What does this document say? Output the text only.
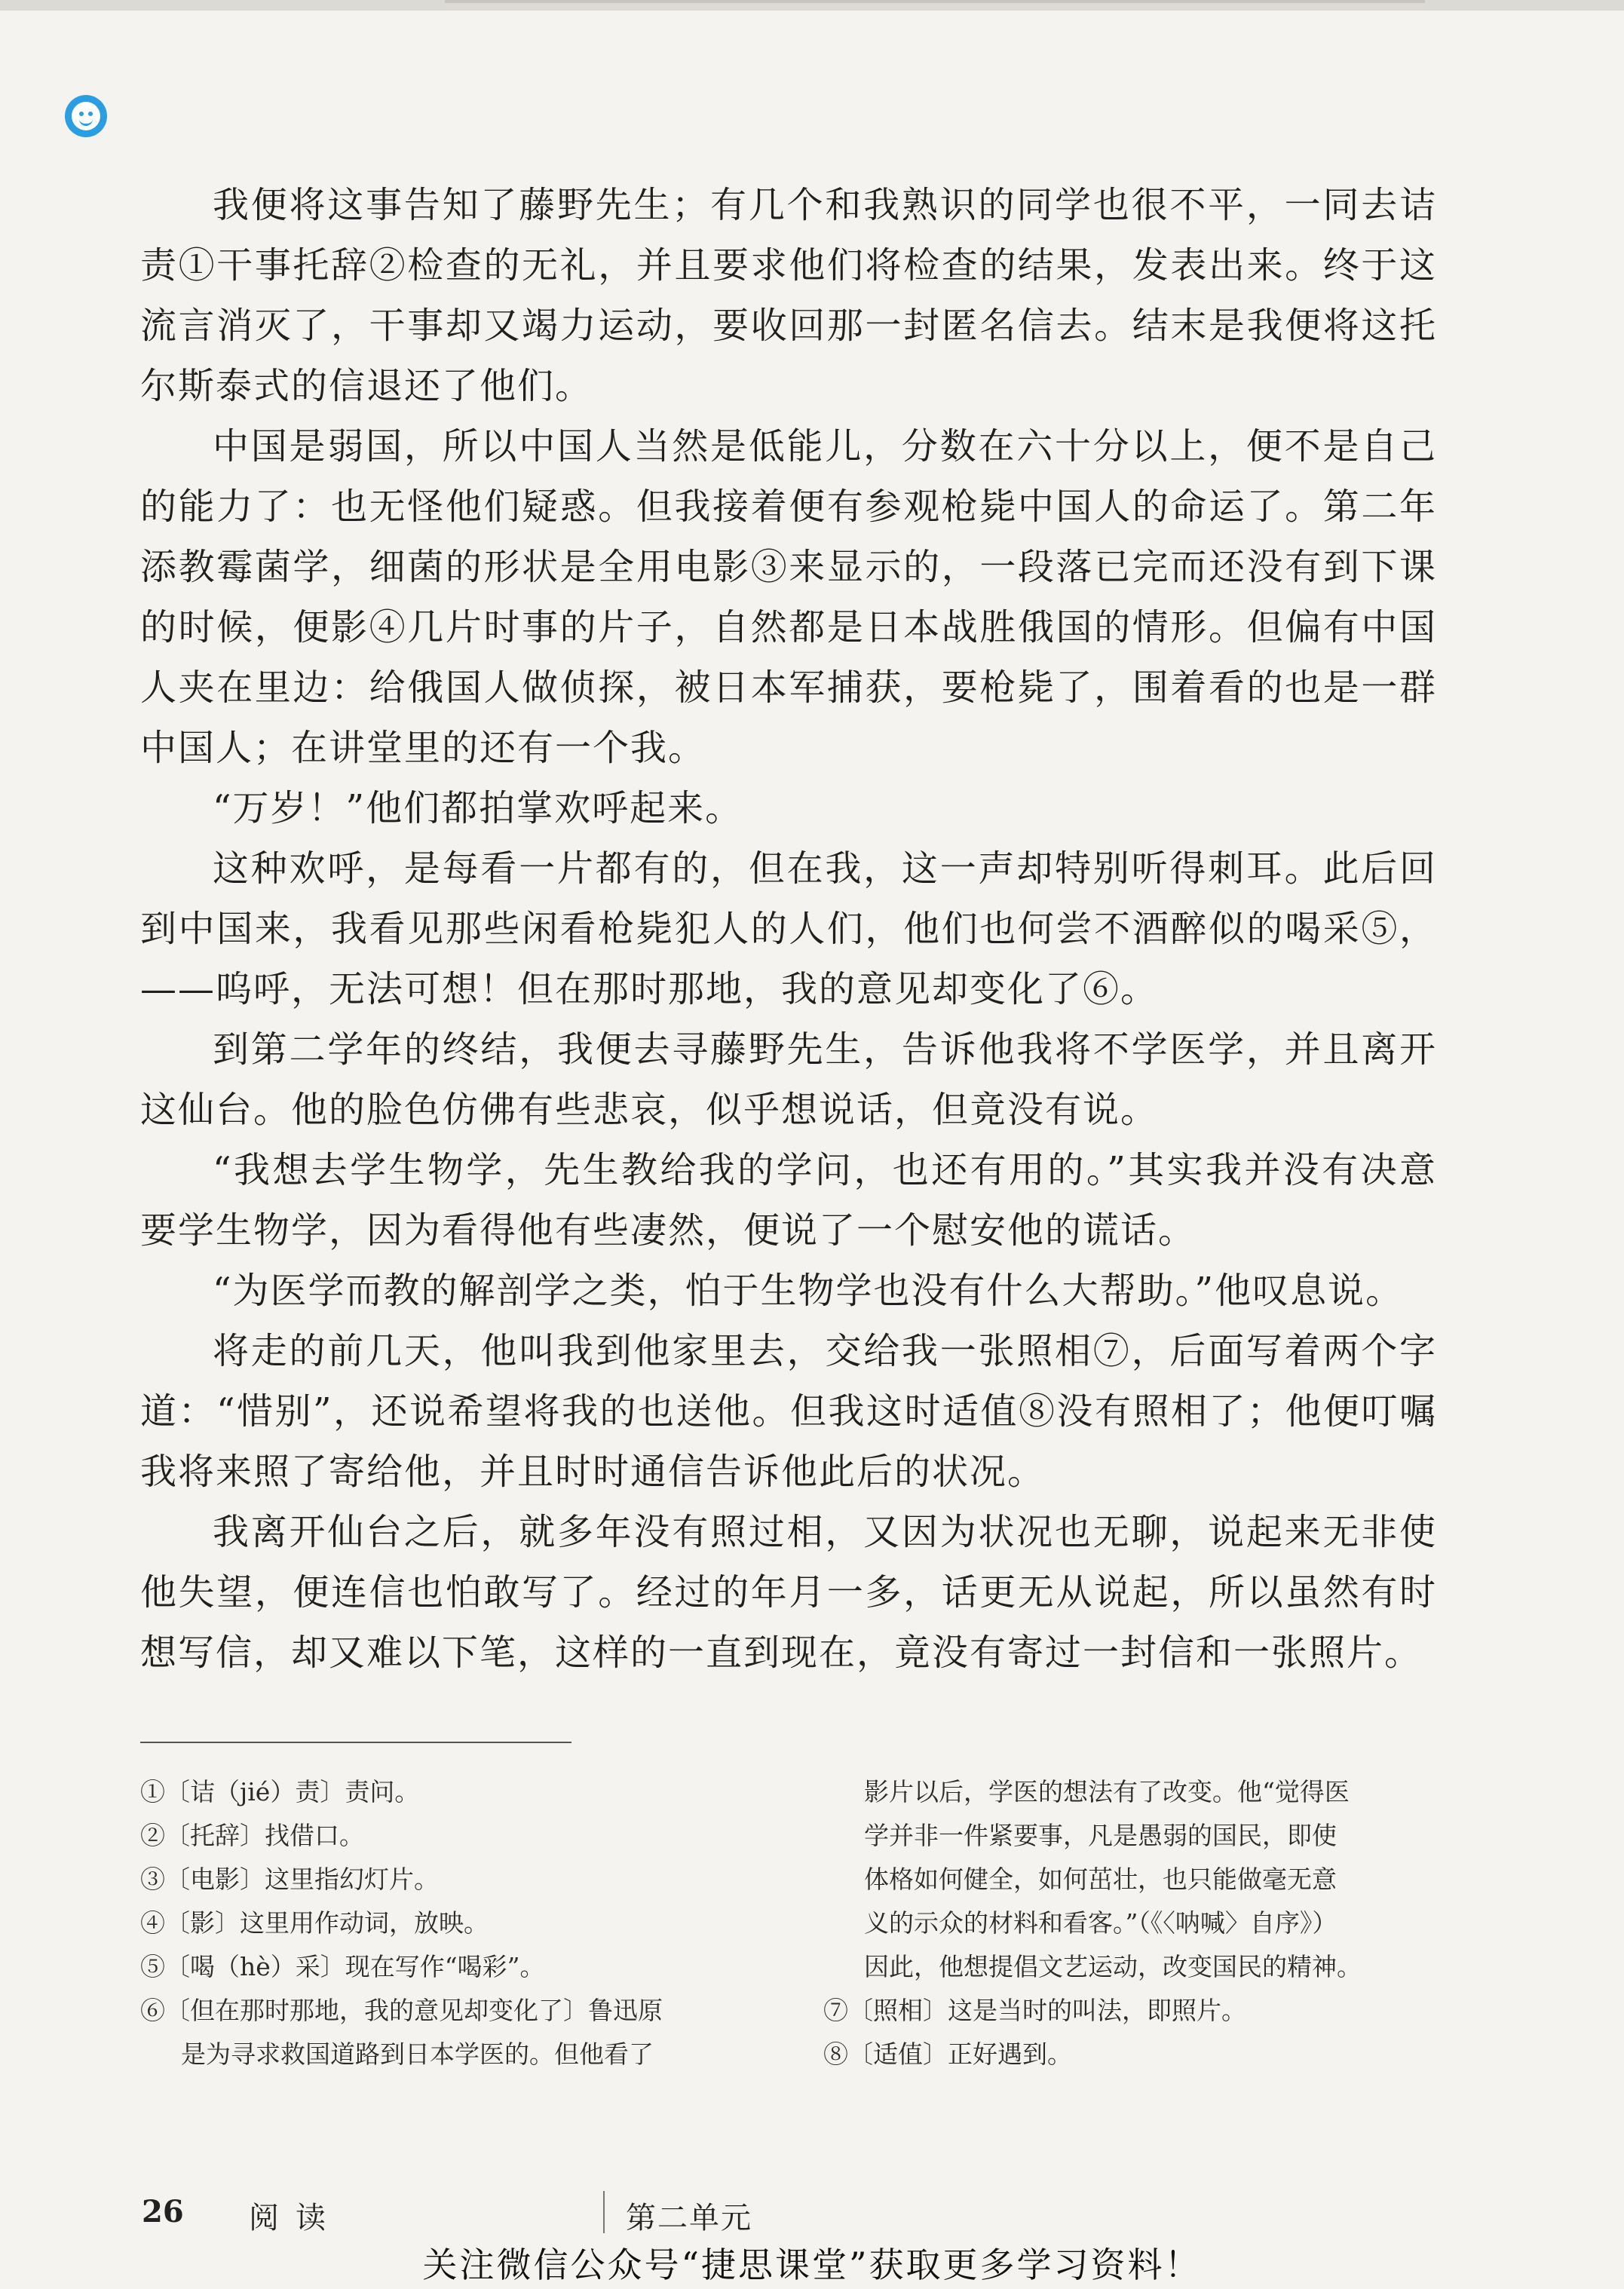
我便将这事告知了藤野先生；有几个和我熟识的同学也很不平，一同去诘责①干事托辞②检查的无礼，并且要求他们将检查的结果，发表出来。终于这流言消灭了，干事却又竭力运动，要收回那一封匿名信去。结末是我便将这托尔斯泰式的信退还了他们。

中国是弱国，所以中国人当然是低能儿，分数在六十分以上，便不是自己的能力了：也无怪他们疑惑。但我接着便有参观枪毙中国人的命运了。第二年添教霉菌学，细菌的形状是全用电影③来显示的，一段落已完而还没有到下课的时候，便影④几片时事的片子，自然都是日本战胜俄国的情形。但偏有中国人夹在里边：给俄国人做侦探，被日本军捕获，要枪毙了，围着看的也是一群中国人；在讲堂里的还有一个我。

“万岁！”他们都拍掌欢呼起来。

这种欢呼，是每看一片都有的，但在我，这一声却特别听得刺耳。此后回到中国来，我看见那些闲看枪毙犯人的人们，他们也何尝不酒醉似的喝采⑤，——呜呼，无法可想！但在那时那地，我的意见却变化了⑥。

到第二学年的终结，我便去寻藤野先生，告诉他我将不学医学，并且离开这仙台。他的脸色仿佛有些悲哀，似乎想说话，但竟没有说。

“我想去学生物学，先生教给我的学问，也还有用的。”其实我并没有决意要学生物学，因为看得他有些凄然，便说了一个慰安他的谎话。

“为医学而教的解剖学之类，怕于生物学也没有什么大帮助。”他叹息说。

将走的前几天，他叫我到他家里去，交给我一张照相⑦，后面写着两个字道：“惜别”，还说希望将我的也送他。但我这时适值⑧没有照相了；他便叮嘱我将来照了寄给他，并且时时通信告诉他此后的状况。

我离开仙台之后，就多年没有照过相，又因为状况也无聊，说起来无非使他失望，便连信也怕敢写了。经过的年月一多，话更无从说起，所以虽然有时想写信，却又难以下笔，这样的一直到现在，竟没有寄过一封信和一张照片。

①〔诘（jié）责〕责问。

②〔托辞〕找借口。

③〔电影〕这里指幻灯片。

④〔影〕这里用作动词，放映。

⑤〔喝（hè）采〕现在写作“喝彩”。

⑥〔但在那时那地，我的意见却变化了〕鲁迅原

是为寻求救国道路到日本学医的。但他看了

影片以后，学医的想法有了改变。他“觉得医

学并非一件紧要事，凡是愚弱的国民，即使

体格如何健全，如何茁壮，也只能做毫无意

义的示众的材料和看客。”（《〈呐喊〉自序》）

因此，他想提倡文艺运动，改变国民的精神。

⑦〔照相〕这是当时的叫法，即照片。

⑧〔适值〕正好遇到。

26 阅读	第二单元
关注微信公众号“捷思课堂”获取更多学习资料！
